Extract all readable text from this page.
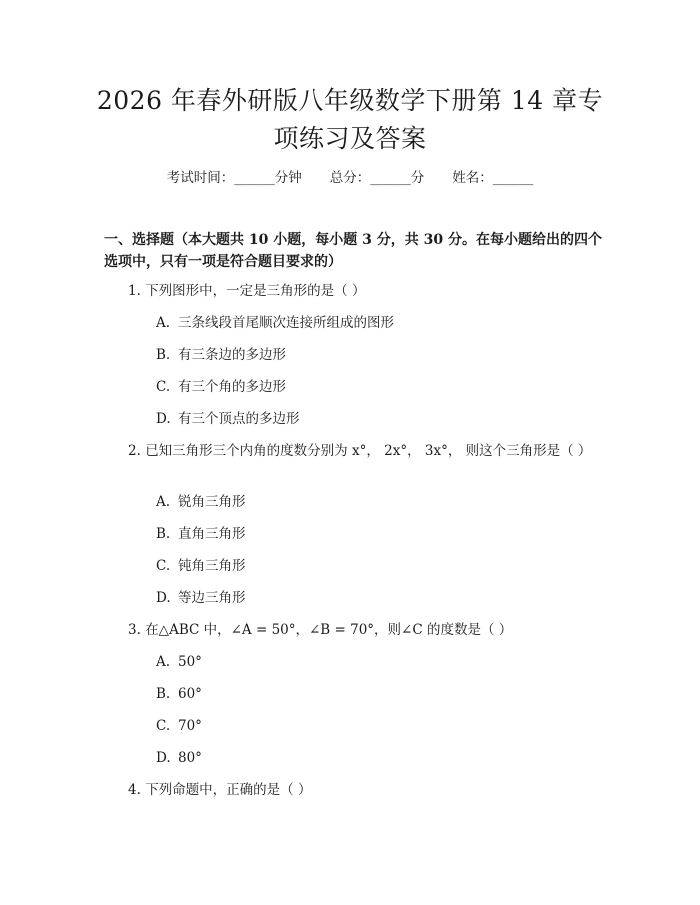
2026 年春外研版八年级数学下册第 14 章专
项练习及答案
考试时间：______分钟 总分：______分 姓名：______
一、选择题（本大题共 10 小题，每小题 3 分，共 30 分。在每小题给出的四个选项中，只有一项是符合题目要求的）
1. 下列图形中，一定是三角形的是（ ）
A. 三条线段首尾顺次连接所组成的图形
B. 有三条边的多边形
C. 有三个角的多边形
D. 有三个顶点的多边形
2. 已知三角形三个内角的度数分别为 x°， 2x°， 3x°， 则这个三角形是（ ）
A. 锐角三角形
B. 直角三角形
C. 钝角三角形
D. 等边三角形
3. 在△ABC 中，∠A = 50°，∠B = 70°，则∠C 的度数是（ ）
A. 50°
B. 60°
C. 70°
D. 80°
4. 下列命题中，正确的是（ ）
